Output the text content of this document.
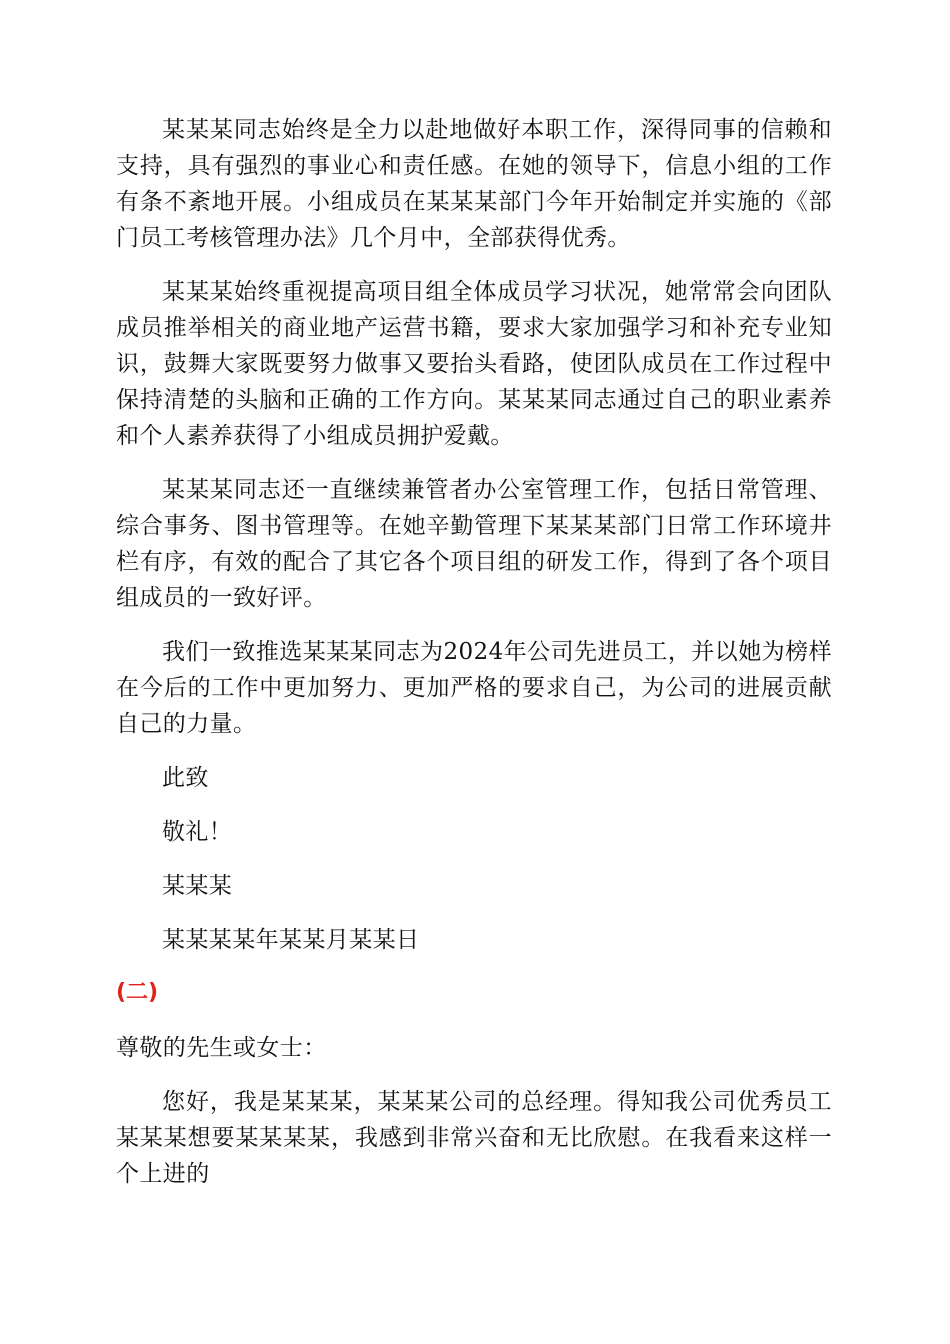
某某某同志始终是全力以赴地做好本职工作，深得同事的信赖和支持，具有强烈的事业心和责任感。在她的领导下，信息小组的工作有条不紊地开展。小组成员在某某某部门今年开始制定并实施的《部门员工考核管理办法》几个月中，全部获得优秀。

某某某始终重视提高项目组全体成员学习状况，她常常会向团队成员推举相关的商业地产运营书籍，要求大家加强学习和补充专业知识，鼓舞大家既要努力做事又要抬头看路，使团队成员在工作过程中保持清楚的头脑和正确的工作方向。某某某同志通过自己的职业素养和个人素养获得了小组成员拥护爱戴。

某某某同志还一直继续兼管者办公室管理工作，包括日常管理、综合事务、图书管理等。在她辛勤管理下某某某部门日常工作环境井栏有序，有效的配合了其它各个项目组的研发工作，得到了各个项目组成员的一致好评。

我们一致推选某某某同志为2024年公司先进员工，并以她为榜样在今后的工作中更加努力、更加严格的要求自己，为公司的进展贡献自己的力量。

此致

敬礼！

某某某

某某某某年某某月某某日

(二)

尊敬的先生或女士：

您好，我是某某某，某某某公司的总经理。得知我公司优秀员工某某某想要某某某某，我感到非常兴奋和无比欣慰。在我看来这样一个上进的
